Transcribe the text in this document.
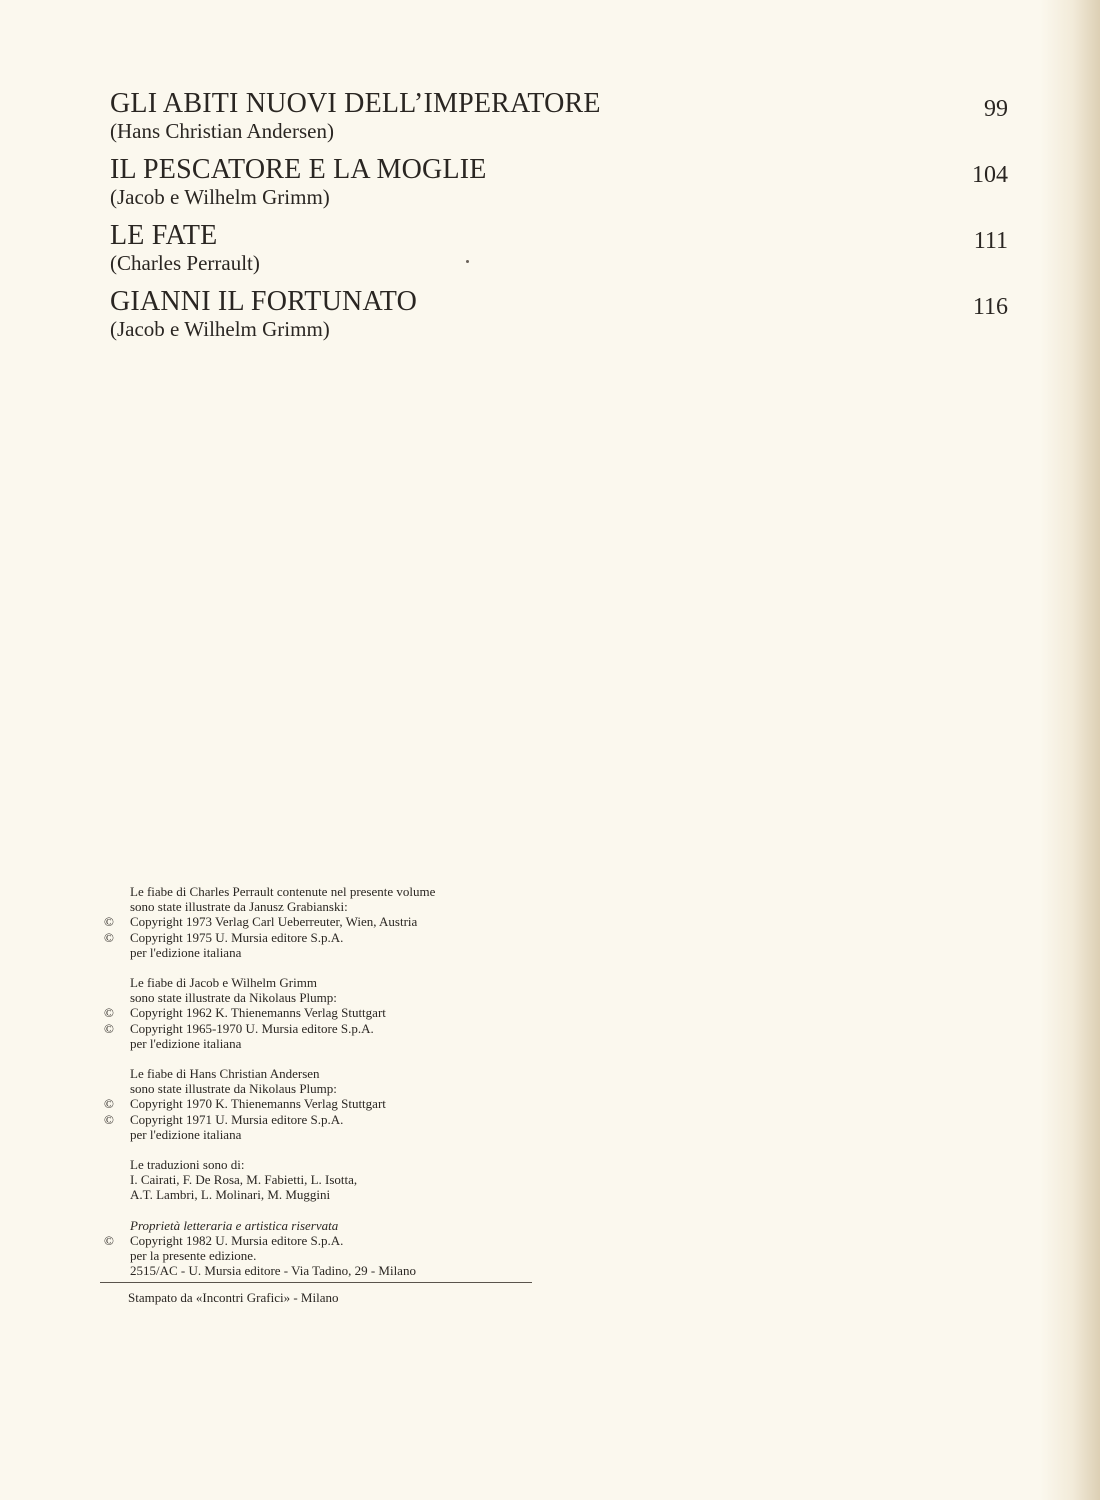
GLI ABITI NUOVI DELL’IMPERATORE
(Hans Christian Andersen)
99
IL PESCATORE E LA MOGLIE
(Jacob e Wilhelm Grimm)
104
LE FATE
(Charles Perrault)
111
GIANNI IL FORTUNATO
(Jacob e Wilhelm Grimm)
116
Le fiabe di Charles Perrault contenute nel presente volume
sono state illustrate da Janusz Grabianski:
© Copyright 1973 Verlag Carl Ueberreuter, Wien, Austria
© Copyright 1975 U. Mursia editore S.p.A.
per l'edizione italiana
Le fiabe di Jacob e Wilhelm Grimm
sono state illustrate da Nikolaus Plump:
© Copyright 1962 K. Thienemanns Verlag Stuttgart
© Copyright 1965-1970 U. Mursia editore S.p.A.
per l'edizione italiana
Le fiabe di Hans Christian Andersen
sono state illustrate da Nikolaus Plump:
© Copyright 1970 K. Thienemanns Verlag Stuttgart
© Copyright 1971 U. Mursia editore S.p.A.
per l'edizione italiana
Le traduzioni sono di:
I. Cairati, F. De Rosa, M. Fabietti, L. Isotta,
A.T. Lambri, L. Molinari, M. Muggini
Proprietà letteraria e artistica riservata
© Copyright 1982 U. Mursia editore S.p.A.
per la presente edizione.
2515/AC - U. Mursia editore - Via Tadino, 29 - Milano
Stampato da «Incontri Grafici» - Milano
